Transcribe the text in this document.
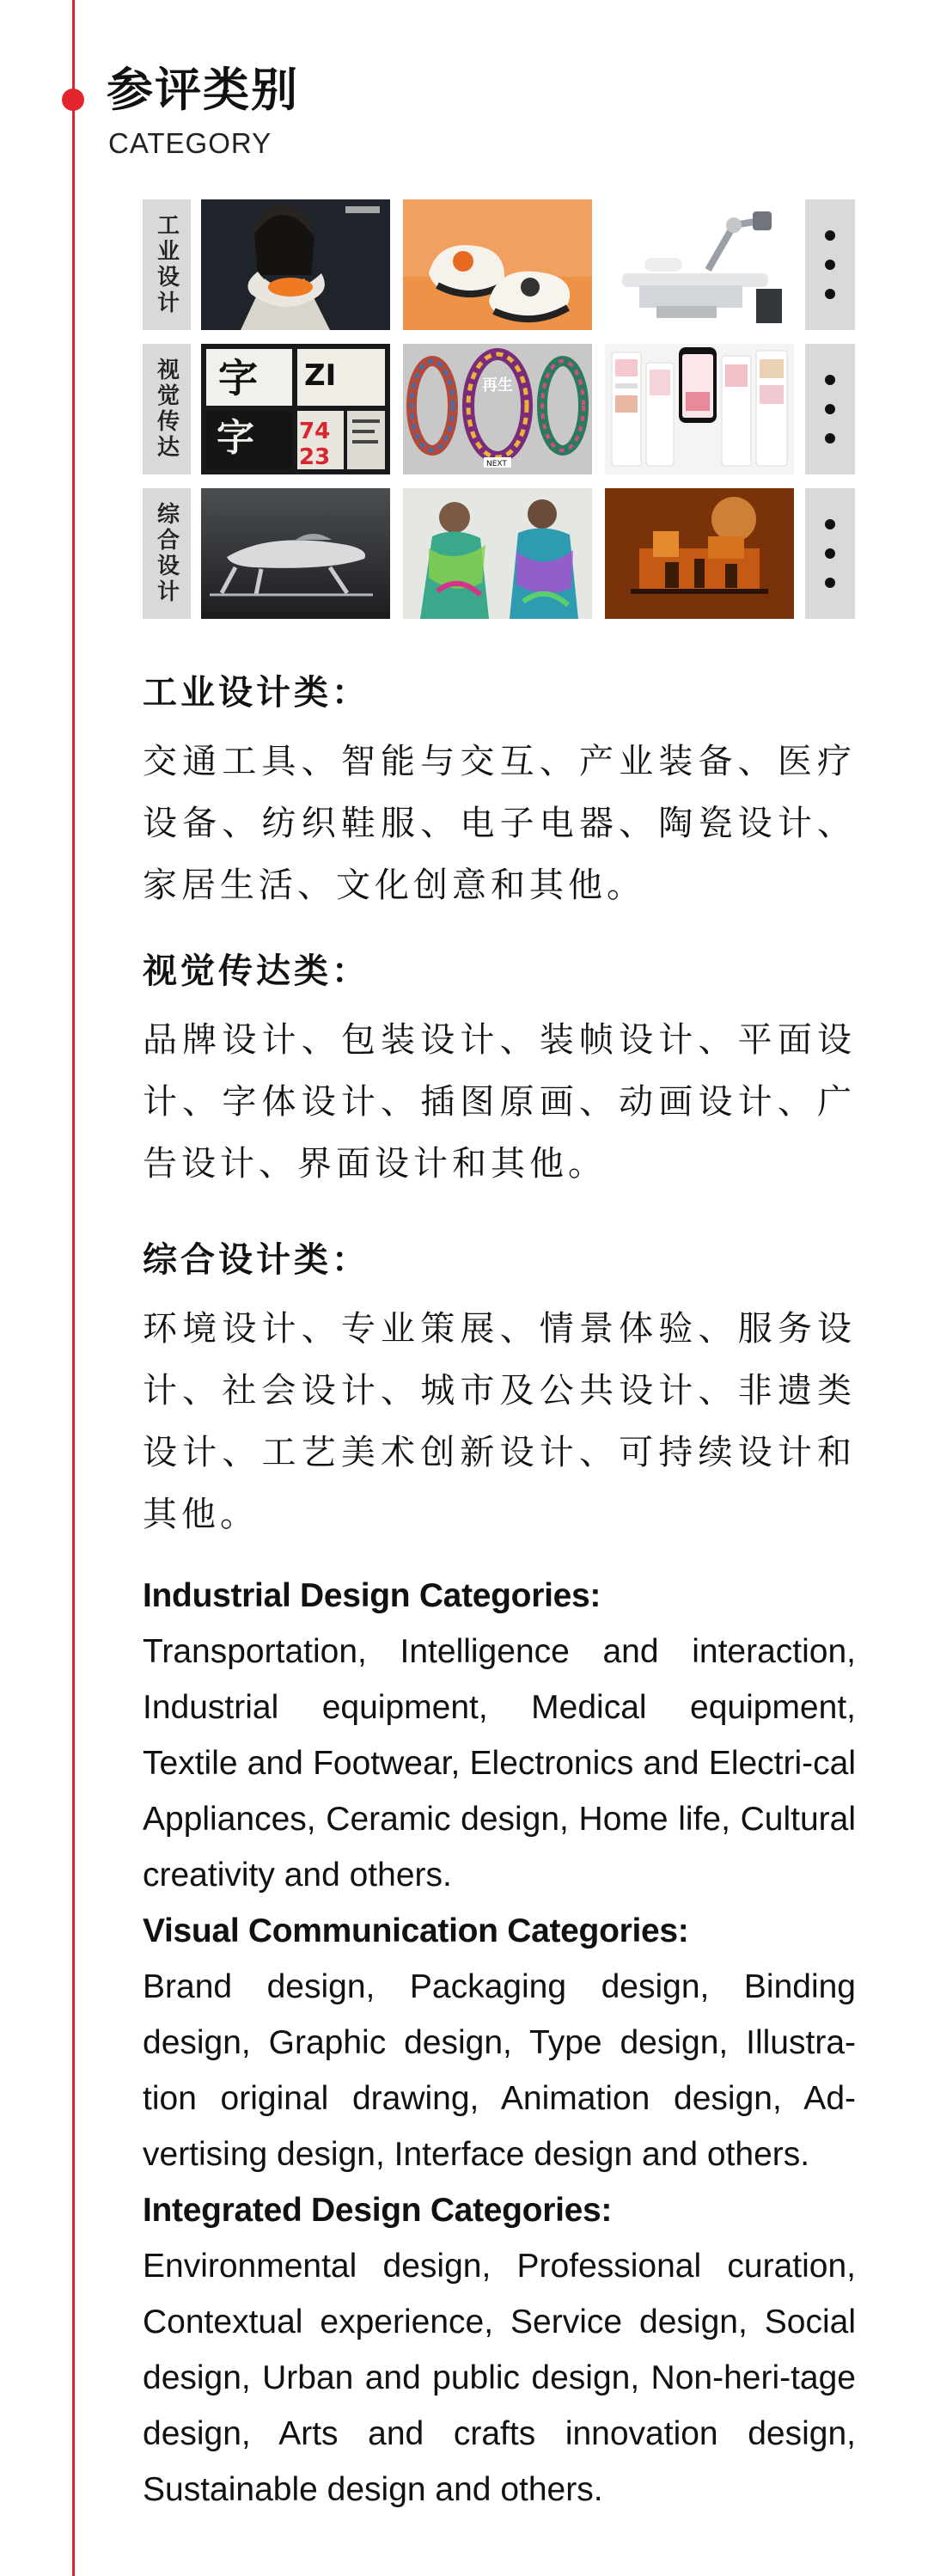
参评类别
CATEGORY
工业设计
视觉传达 字 ZI
字 74
23
再生
NEXT
综合设计
工业设计类：
交通工具、智能与交互、产业装备、医疗设备、纺织鞋服、电子电器、陶瓷设计、家居生活、文化创意和其他。
视觉传达类：
品牌设计、包装设计、装帧设计、平面设计、字体设计、插图原画、动画设计、广告设计、界面设计和其他。
综合设计类：
环境设计、专业策展、情景体验、服务设计、社会设计、城市及公共设计、非遗类设计、工艺美术创新设计、可持续设计和其他。
Industrial Design Categories:
Transportation, Intelligence and interaction, Industrial equipment, Medical equipment, Textile and Footwear, Electronics and Electri-cal Appliances, Ceramic design, Home life, Cultural creativity and others.
Visual Communication Categories:
Brand design, Packaging design, Binding design, Graphic design, Type design, Illustra-tion original drawing, Animation design, Ad-vertising design, Interface design and others.
Integrated Design Categories:
Environmental design, Professional curation, Contextual experience, Service design, Social design, Urban and public design, Non-heri-tage design, Arts and crafts innovation design, Sustainable design and others.
